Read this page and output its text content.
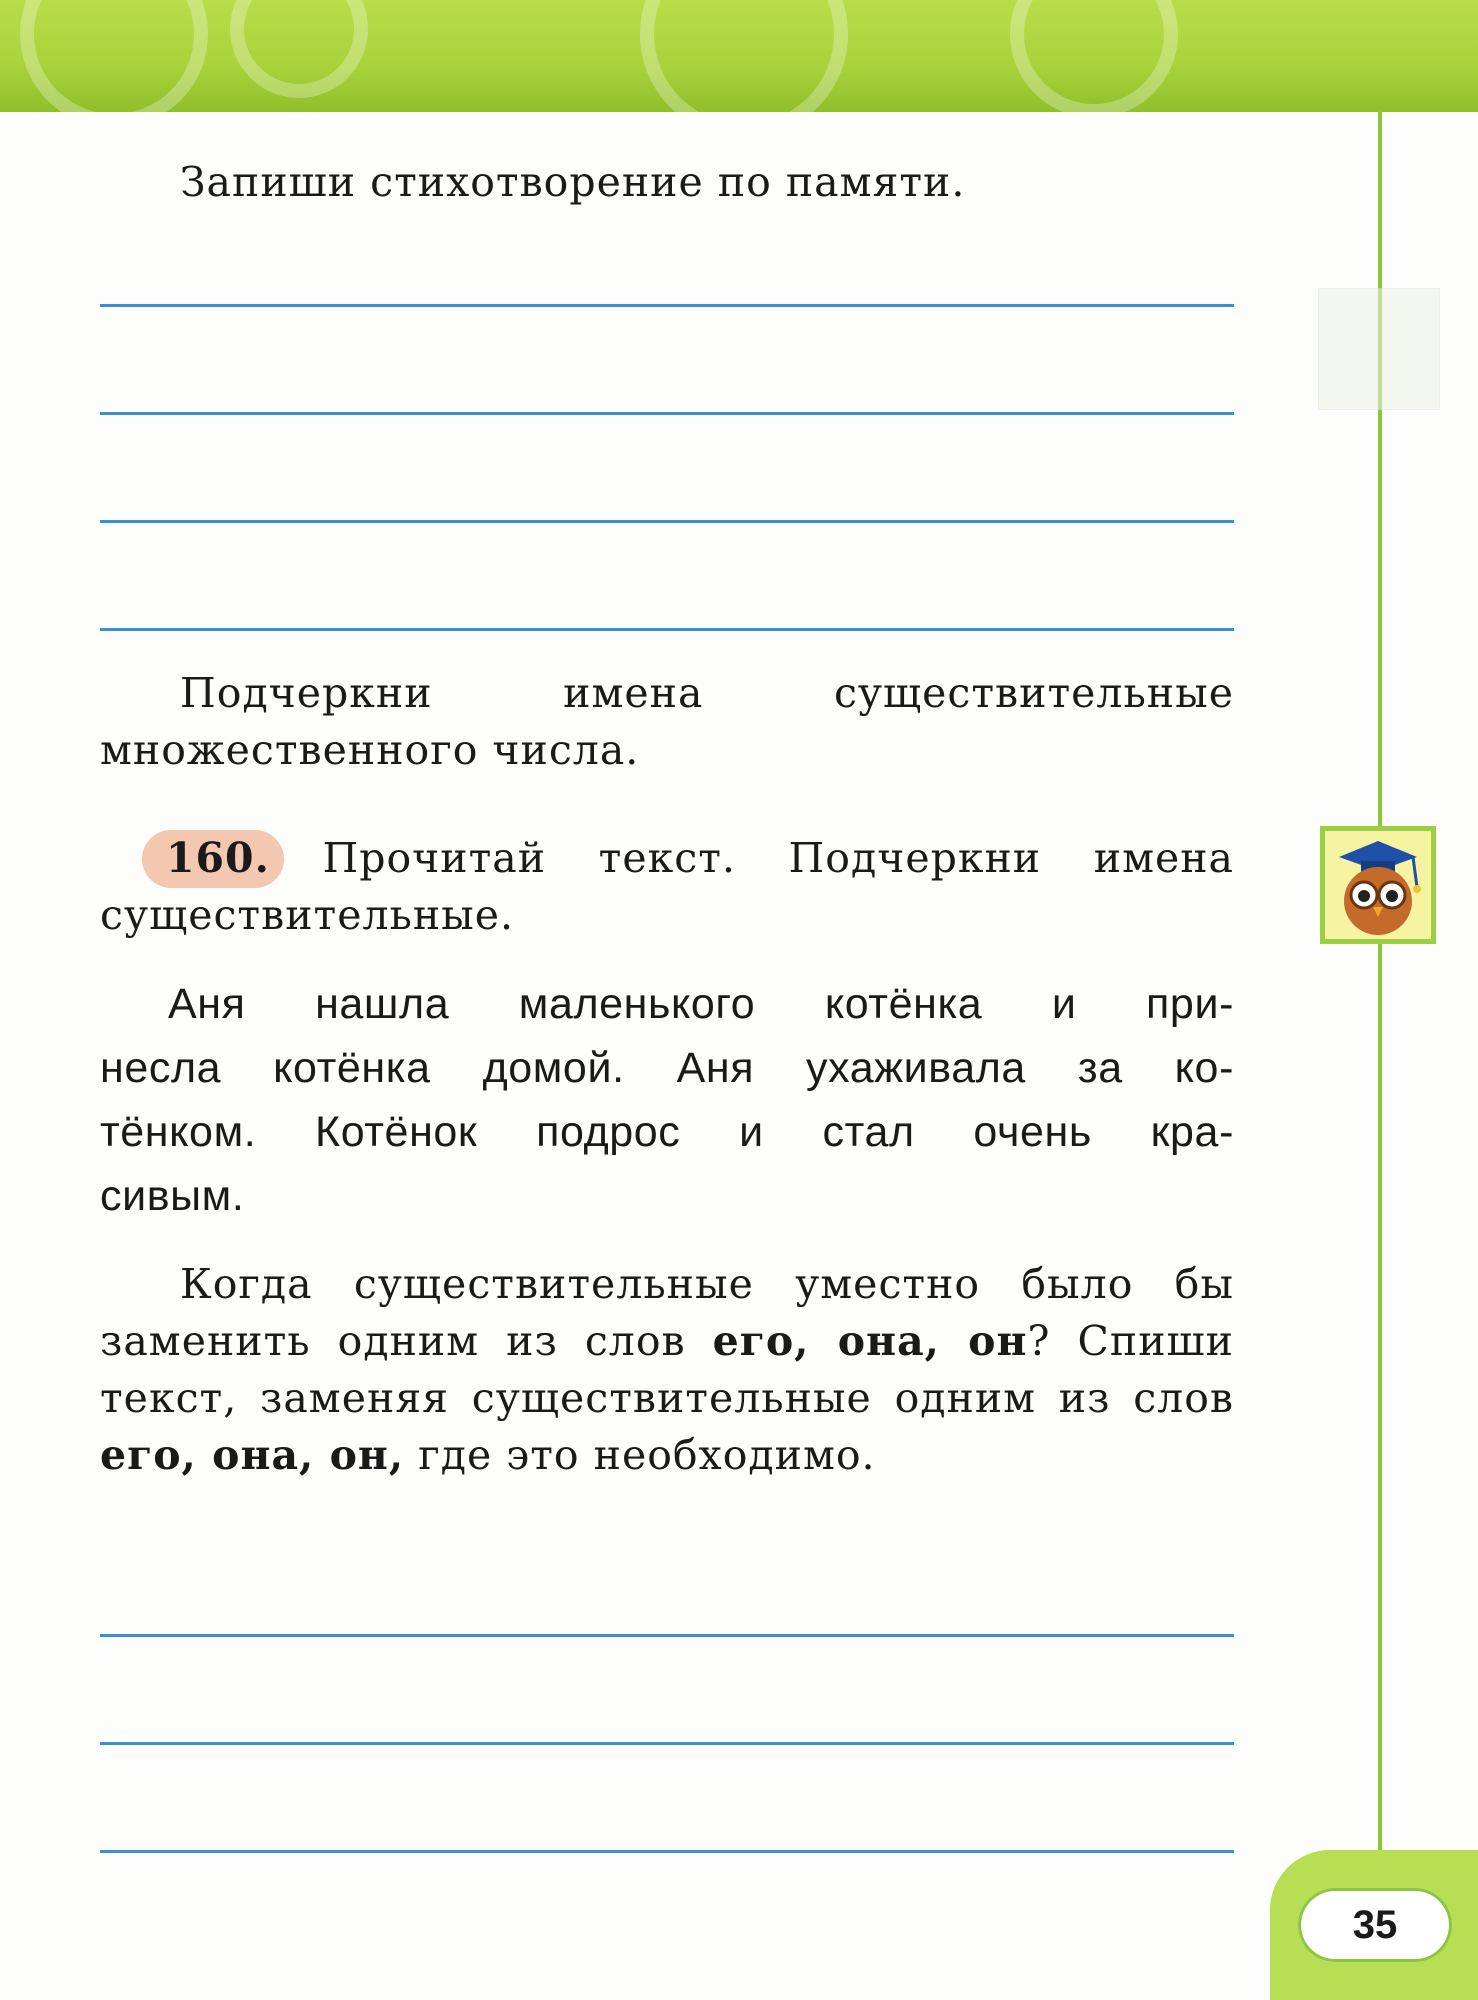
Запиши стихотворение по памяти.
Подчеркни имена существительные
множественного числа.
160. Прочитай текст. Подчеркни имена
существительные.
Аня нашла маленького котёнка и при-
несла котёнка домой. Аня ухаживала за ко-
тёнком. Котёнок подрос и стал очень кра-
сивым.
Когда существительные уместно было бы заменить одним из слов его, она, он? Спиши текст, заменяя существительные одним из слов его, она, он, где это необходимо.
35
